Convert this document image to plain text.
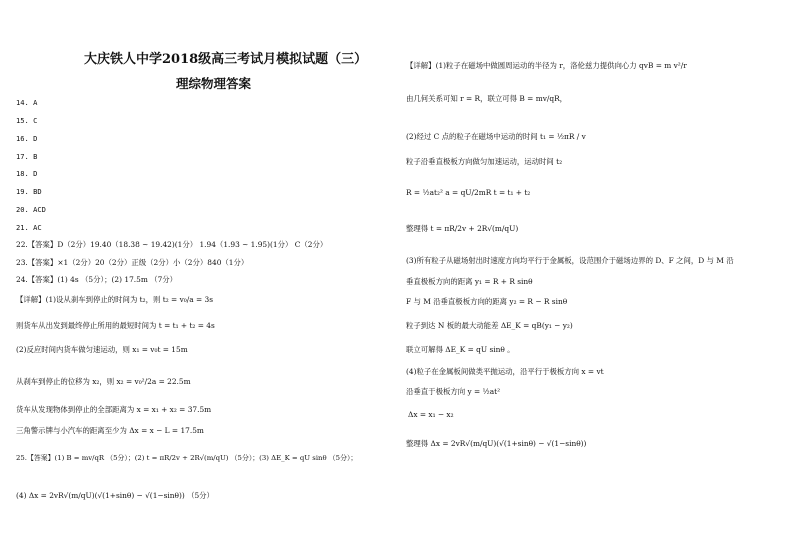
大庆铁人中学2018级高三考试月模拟试题（三）
理综物理答案
14. A
15. C
16. D
17. B
18. D
19. BD
20. ACD
21. AC
22.【答案】D（2分）19.40（18.38 ~ 19.42)(1分） 1.94（1.93 ~ 1.95)(1分） C（2分）
23.【答案】×1（2分）20（2分）正级（2分）小（2分）840（1分）
24.【答案】(1) 4s （5分）；(2) 17.5m （7分）
【详解】(1)设从刹车到停止的时间为 t₂，则 t₂ = v₀/a = 3s
则货车从出发到最终停止所用的最短时间为 t = t₁ + t₂ = 4s
(2)反应时间内货车做匀速运动，则 x₁ = v₀t = 15m
从刹车到停止的位移为 x₂，则 x₂ = v₀²/2a = 22.5m
货车从发现物体到停止的全部距离为 x = x₁ + x₂ = 37.5m
三角警示牌与小汽车的距离至少为 Δx = x − L = 17.5m
25.【答案】(1) B = mv/qR （5分）；(2) t = πR/2v + 2R√(m/qU) （5分）；(3) ΔE_K = qU sinθ （5分）；
(4) Δx = 2vR√(m/qU)(√(1+sinθ) − √(1−sinθ)) （5分）
【详解】(1)粒子在磁场中做圆周运动的半径为 r，洛伦兹力提供向心力 qvB = m v²/r
由几何关系可知 r = R，联立可得 B = mv/qR，
(2)经过 C 点的粒子在磁场中运动的时间 t₁ = ½πR / v
粒子沿垂直极板方向做匀加速运动，运动时间 t₂
R = ½at₂² a = qU/2mR t = t₁ + t₂
整理得 t = πR/2v + 2R√(m/qU)
(3)所有粒子从磁场射出时速度方向均平行于金属板，设范围介于磁场边界的 D、F 之间，D 与 M 沿
垂直极板方向的距离 y₁ = R + R sinθ
F 与 M 沿垂直极板方向的距离 y₂ = R − R sinθ
粒子到达 N 板的最大动能差 ΔE_K = qB(y₁ − y₂)
联立可解得 ΔE_K = qU sinθ 。
(4)粒子在金属板间做类平抛运动，沿平行于极板方向 x = vt
沿垂直于极板方向 y = ½at²
Δx = x₁ − x₂
整理得 Δx = 2vR√(m/qU)(√(1+sinθ) − √(1−sinθ))
